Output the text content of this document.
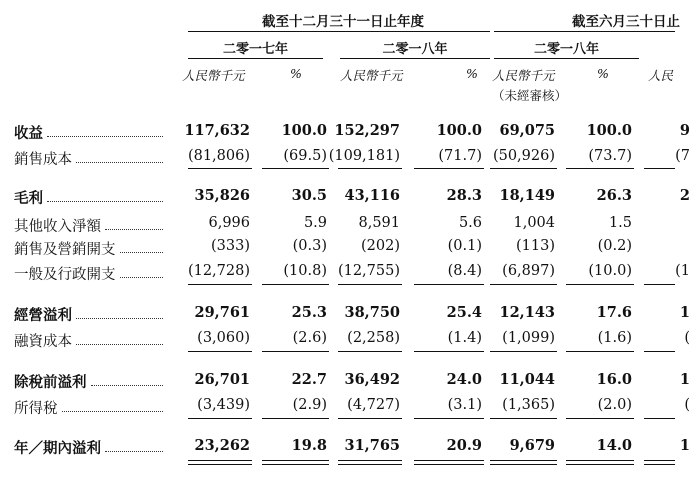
截至十二月三十一日止年度	截至六月三十日止
二零一七年	二零一八年	二零一八年
人民幣千元	%	人民幣千元	% 人民幣千元	%	人民
（未經審核）
收益	117,632 100.0 152,297	100.0 69,075 100.0	9
銷售成本	(81,806) (69.5) (109,181)	(71.7) (50,926) (73.7)	(7
毛利	35,826	30.5 43,116	28.3 18,149	26.3	2
其他收入淨額	6,996	5.9 8,591	5.6 1,004	1.5
銷售及營銷開支	(333)	(0.3) (202)	(0.1) (113)	(0.2)
一般及行政開支	(12,728) (10.8) (12,755)	(8.4) (6,897) (10.0)	(1
經營溢利	29,761	25.3 38,750	25.4 12,143	17.6	1
融資成本	(3,060)	(2.6) (2,258)	(1.4) (1,099)	(1.6)	(
除稅前溢利	26,701	22.7 36,492	24.0 11,044	16.0	1
所得稅	(3,439)	(2.9) (4,727)	(3.1) (1,365)	(2.0)	(
年／期內溢利	23,262	19.8 31,765	20.9 9,679	14.0	1
